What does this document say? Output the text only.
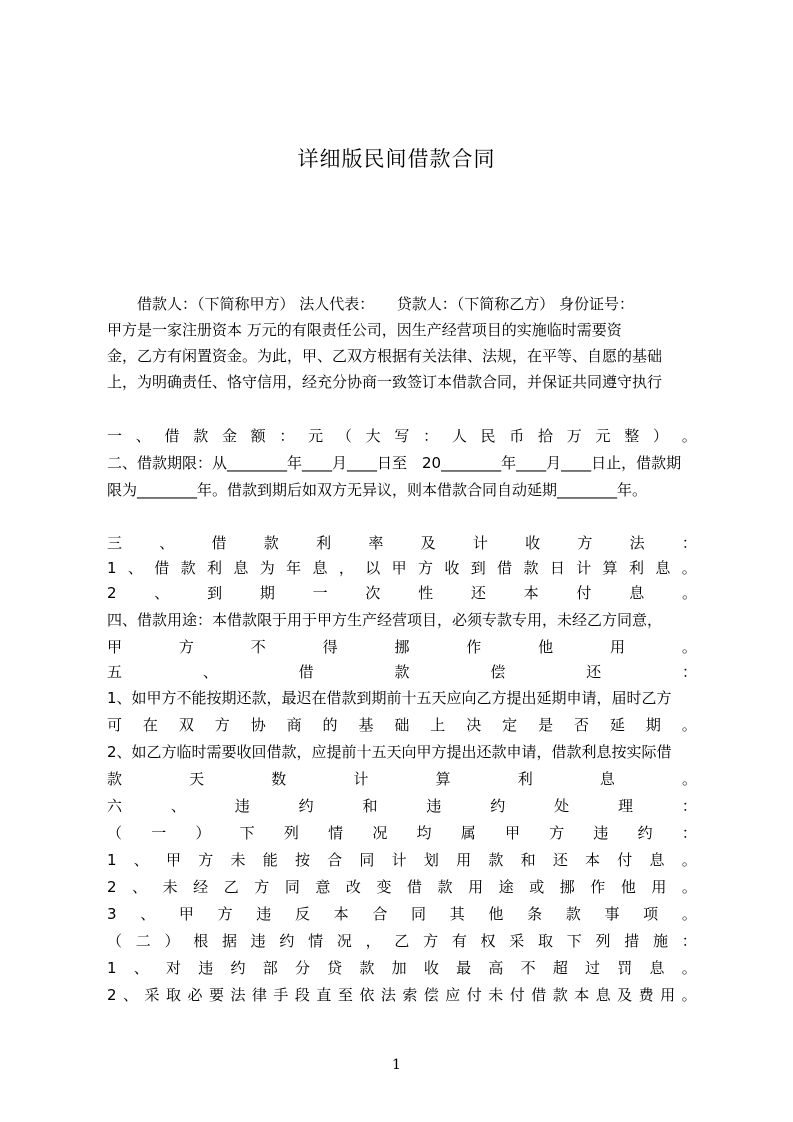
详细版民间借款合同
　　借款人：（下简称甲方） 法人代表：　　贷款人：（下简称乙方） 身份证号：
甲方是一家注册资本 万元的有限责任公司，因生产经营项目的实施临时需要资
金，乙方有闲置资金。为此，甲、乙双方根据有关法律、法规，在平等、自愿的基础
上，为明确责任、恪守信用，经充分协商一致签订本借款合同，并保证共同遵守执行
一 、 借 款 金 额 ： 元 （ 大 写 ： 人 民 币 拾 万 元 整 ） 。
二、借款期限：从________年____月____日至　20________年____月____日止，借款期
限为________年。借款到期后如双方无异议，则本借款合同自动延期________年。
三 、 借 款 利 率 及 计 收 方 法 ：
1 、 借 款 利 息 为 年 息 ， 以 甲 方 收 到 借 款 日 计 算 利 息 。
2	、	到	期	一	次	性	还	本	付	息	。
四、借款用途：本借款限于用于甲方生产经营项目，必须专款专用，未经乙方同意，
甲	方	不	得	挪	作	他	用	。
五	、	借	款	偿	还	：
1、如甲方不能按期还款，最迟在借款到期前十五天应向乙方提出延期申请，届时乙方
可 在 双 方 协 商 的 基 础 上 决 定 是 否 延 期 。
2、如乙方临时需要收回借款，应提前十五天向甲方提出还款申请，借款利息按实际借
款	天	数	计	算	利	息	。
六	、	违	约	和	违	约	处	理	：
（ 一 ） 下 列 情 况 均 属 甲 方 违 约 ：
1 、 甲 方 未 能 按 合 同 计 划 用 款 和 还 本 付 息 。
2 、 未 经 乙 方 同 意 改 变 借 款 用 途 或 挪 作 他 用 。
3 、 甲 方 违 反 本 合 同 其 他 条 款 事 项 。
（ 二 ） 根 据 违 约 情 况 ， 乙 方 有 权 采 取 下 列 措 施 ：
1 、 对 违 约 部 分 贷 款 加 收 最 高 不 超 过 罚 息 。
2 、 采 取 必 要 法 律 手 段 直 至 依 法 索 偿 应 付 未 付 借 款 本 息 及 费 用 。
1
